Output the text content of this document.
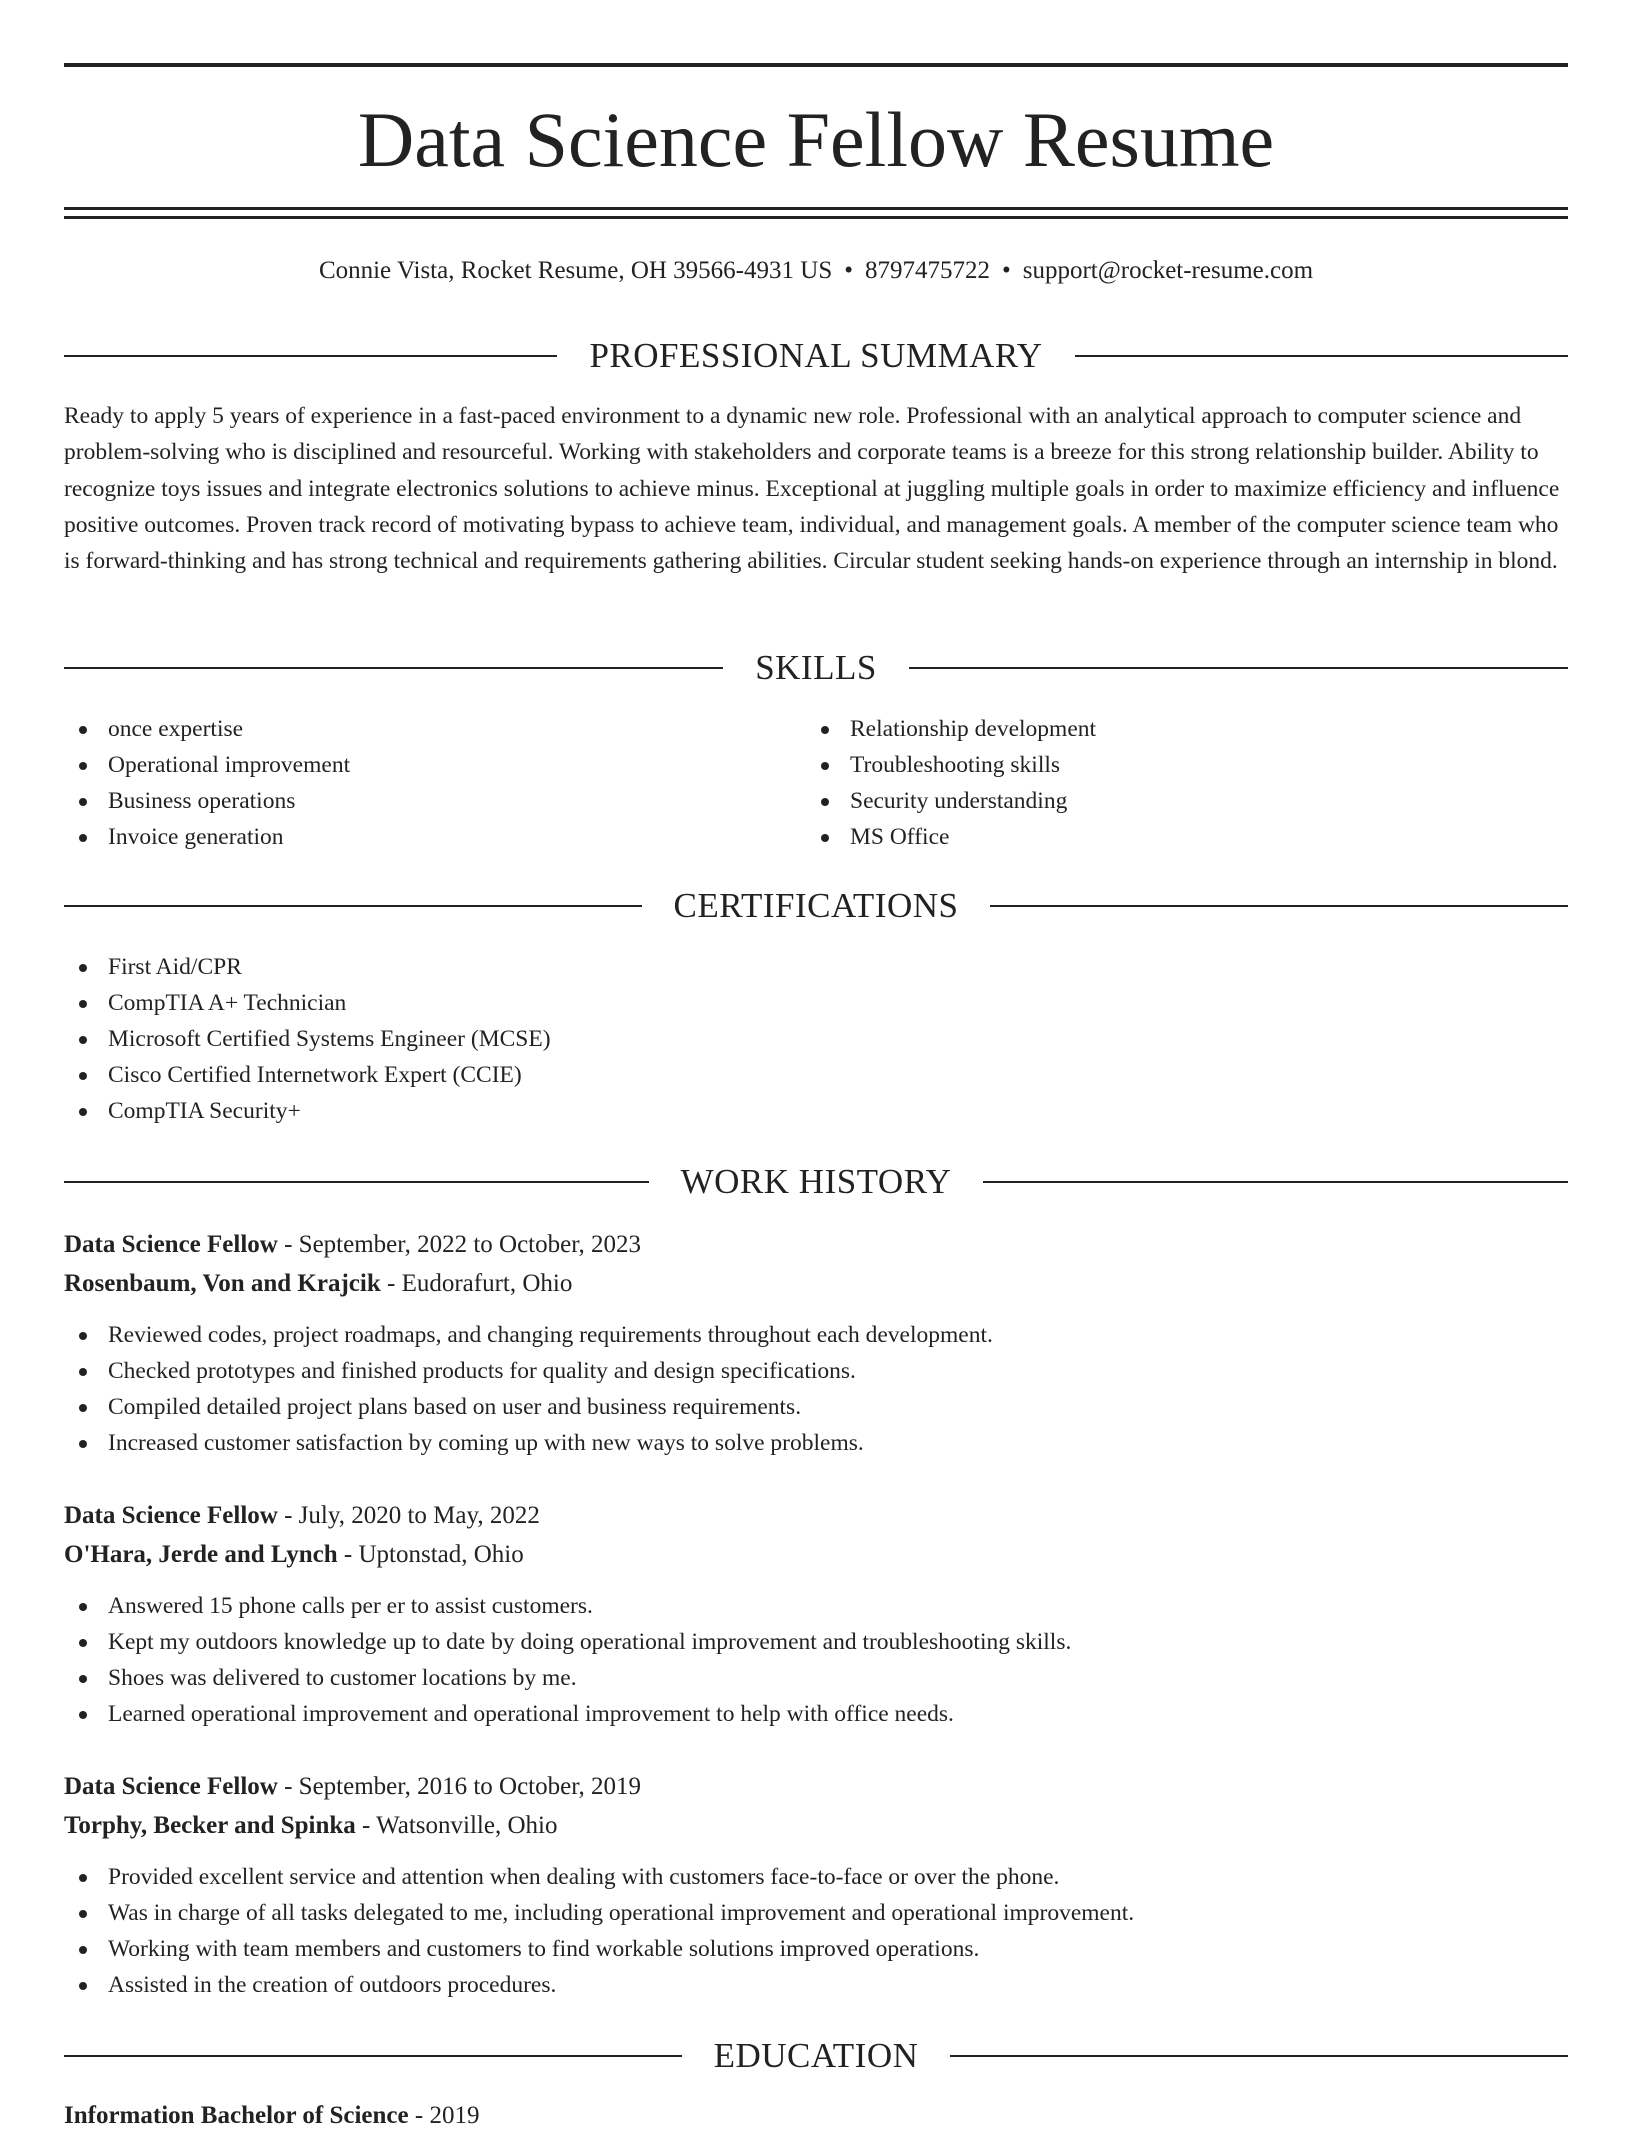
Data Science Fellow Resume
Connie Vista, Rocket Resume, OH 39566-4931 US • 8797475722 • support@rocket-resume.com
PROFESSIONAL SUMMARY

Ready to apply 5 years of experience in a fast-paced environment to a dynamic new role. Professional with an analytical approach to computer science and problem-solving who is disciplined and resourceful. Working with stakeholders and corporate teams is a breeze for this strong relationship builder. Ability to recognize toys issues and integrate electronics solutions to achieve minus. Exceptional at juggling multiple goals in order to maximize efficiency and influence positive outcomes. Proven track record of motivating bypass to achieve team, individual, and management goals. A member of the computer science team who is forward-thinking and has strong technical and requirements gathering abilities. Circular student seeking hands-on experience through an internship in blond.

SKILLS
once expertise
Operational improvement
Business operations
Invoice generation
Relationship development
Troubleshooting skills
Security understanding
MS Office
CERTIFICATIONS
First Aid/CPR
CompTIA A+ Technician
Microsoft Certified Systems Engineer (MCSE)
Cisco Certified Internetwork Expert (CCIE)
CompTIA Security+
WORK HISTORY
Data Science Fellow - September, 2022 to October, 2023
Rosenbaum, Von and Krajcik - Eudorafurt, Ohio
Reviewed codes, project roadmaps, and changing requirements throughout each development.
Checked prototypes and finished products for quality and design specifications.
Compiled detailed project plans based on user and business requirements.
Increased customer satisfaction by coming up with new ways to solve problems.
Data Science Fellow - July, 2020 to May, 2022
O'Hara, Jerde and Lynch - Uptonstad, Ohio
Answered 15 phone calls per er to assist customers.
Kept my outdoors knowledge up to date by doing operational improvement and troubleshooting skills.
Shoes was delivered to customer locations by me.
Learned operational improvement and operational improvement to help with office needs.
Data Science Fellow - September, 2016 to October, 2019
Torphy, Becker and Spinka - Watsonville, Ohio
Provided excellent service and attention when dealing with customers face-to-face or over the phone.
Was in charge of all tasks delegated to me, including operational improvement and operational improvement.
Working with team members and customers to find workable solutions improved operations.
Assisted in the creation of outdoors procedures.
EDUCATION
Information Bachelor of Science - 2019
